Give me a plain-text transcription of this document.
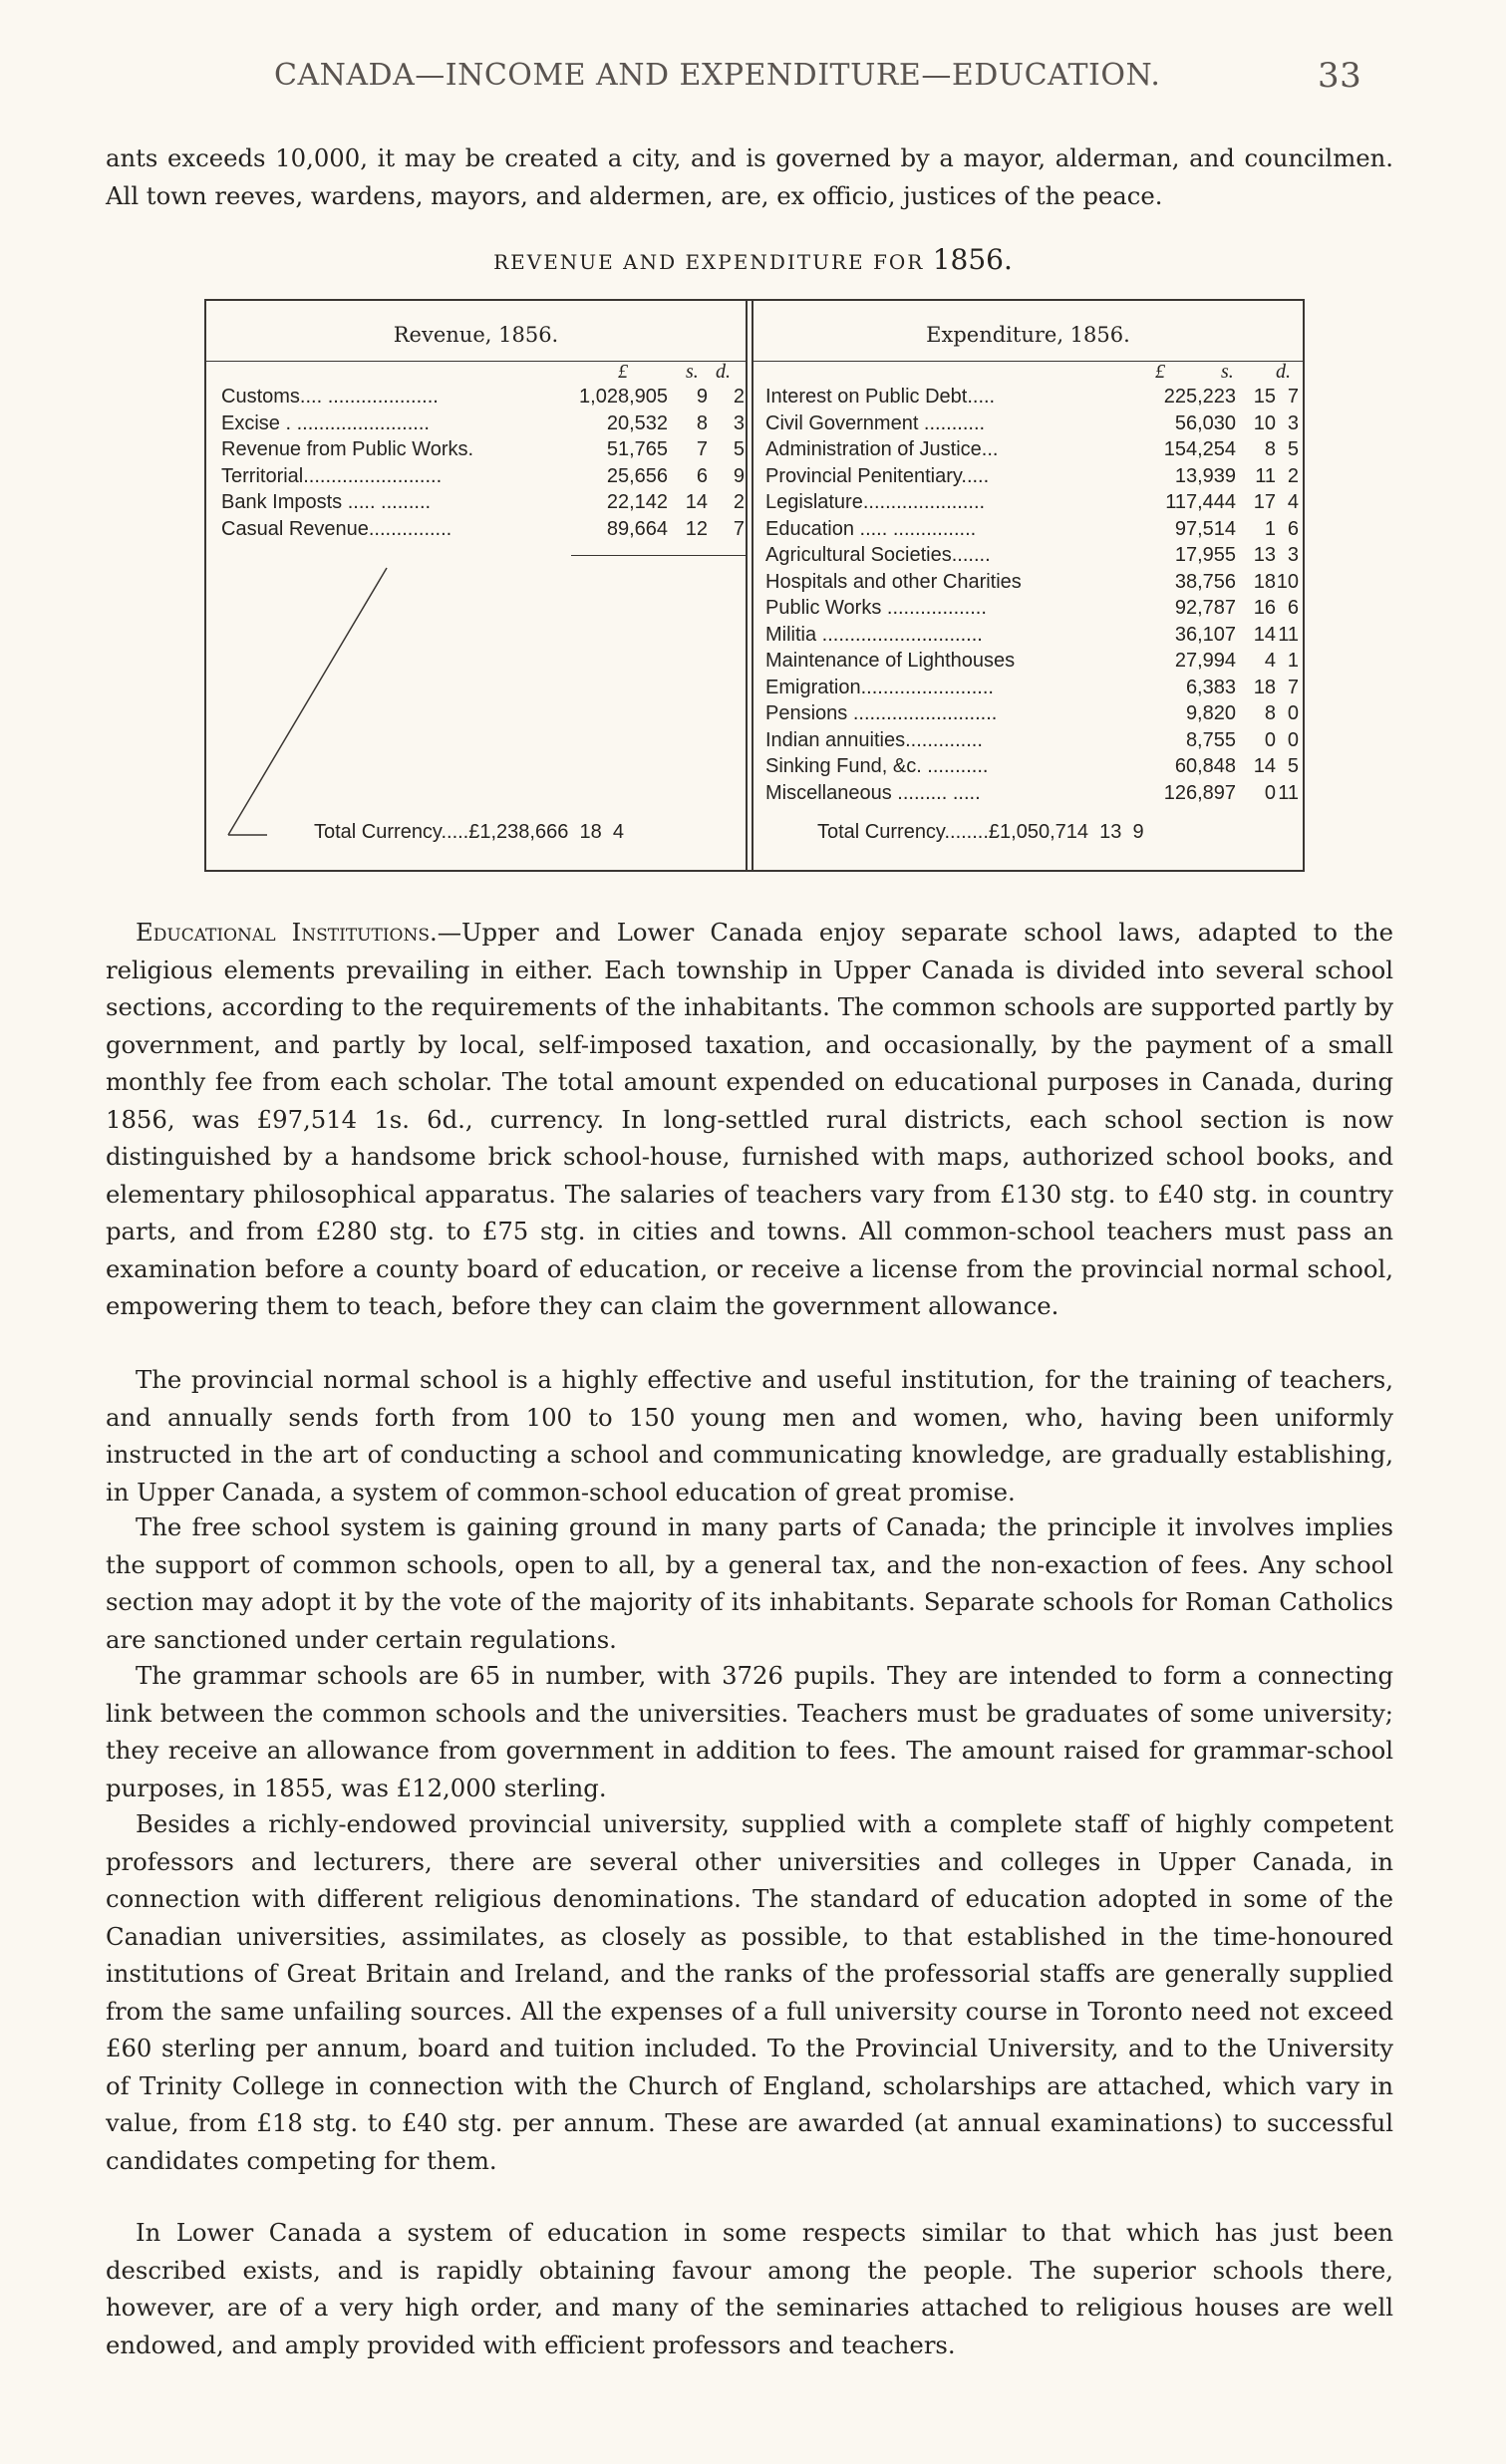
CANADA—INCOME AND EXPENDITURE—EDUCATION.	33
ants exceeds 10,000, it may be created a city, and is governed by a mayor, alderman, and councilmen. All town reeves, wardens, mayors, and aldermen, are, ex officio, justices of the peace.
REVENUE AND EXPENDITURE FOR 1856.
Revenue, 1856.	Expenditure, 1856.
£	s. d.	£	s. d.
Customs.... ....................	1,028,905	9	2
Excise . ........................	20,532	8	3
Revenue from Public Works.	51,765	7	5
Territorial.........................	25,656	6	9
Bank Imposts ..... .........	22,142 14	2
Casual Revenue...............	89,664 12	7
Interest on Public Debt.....	225,223 15 7
Civil Government ...........	56,030 10 3
Administration of Justice...	154,254	8 5
Provincial Penitentiary.....	13,939 11 2
Legislature......................	117,444 17 4
Education ..... ...............	97,514	1 6
Agricultural Societies.......	17,955 13 3
Hospitals and other Charities	38,756 18 10
Public Works ..................	92,787 16 6
Militia .............................	36,107 14 11
Maintenance of Lighthouses	27,994	4 1
Emigration........................	6,383 18 7
Pensions ..........................	9,820	8 0
Indian annuities..............	8,755	0 0
Sinking Fund, &c. ...........	60,848 14 5
Miscellaneous ......... .....	126,897	0 11
Total Currency.....£1,238,666 18 4	Total Currency........£1,050,714 13 9
Educational Institutions.—Upper and Lower Canada enjoy separate school laws, adapted to the religious elements prevailing in either. Each township in Upper Canada is divided into several school sections, according to the requirements of the inhabitants. The common schools are supported partly by government, and partly by local, self-imposed taxation, and occasionally, by the payment of a small monthly fee from each scholar. The total amount expended on educational purposes in Canada, during 1856, was £97,514 1s. 6d., currency. In long-settled rural districts, each school section is now distinguished by a handsome brick school-house, furnished with maps, authorized school books, and elementary philosophical apparatus. The salaries of teachers vary from £130 stg. to £40 stg. in country parts, and from £280 stg. to £75 stg. in cities and towns. All common-school teachers must pass an examination before a county board of education, or receive a license from the provincial normal school, empowering them to teach, before they can claim the government allowance.
The provincial normal school is a highly effective and useful institution, for the training of teachers, and annually sends forth from 100 to 150 young men and women, who, having been uniformly instructed in the art of conducting a school and communicating knowledge, are gradually establishing, in Upper Canada, a system of common-school education of great promise.
The free school system is gaining ground in many parts of Canada; the principle it involves implies the support of common schools, open to all, by a general tax, and the non-exaction of fees. Any school section may adopt it by the vote of the majority of its inhabitants. Separate schools for Roman Catholics are sanctioned under certain regulations.
The grammar schools are 65 in number, with 3726 pupils. They are intended to form a connecting link between the common schools and the universities. Teachers must be graduates of some university; they receive an allowance from government in addition to fees. The amount raised for grammar-school purposes, in 1855, was £12,000 sterling.
Besides a richly-endowed provincial university, supplied with a complete staff of highly competent professors and lecturers, there are several other universities and colleges in Upper Canada, in connection with different religious denominations. The standard of education adopted in some of the Canadian universities, assimilates, as closely as possible, to that established in the time-honoured institutions of Great Britain and Ireland, and the ranks of the professorial staffs are generally supplied from the same unfailing sources. All the expenses of a full university course in Toronto need not exceed £60 sterling per annum, board and tuition included. To the Provincial University, and to the University of Trinity College in connection with the Church of England, scholarships are attached, which vary in value, from £18 stg. to £40 stg. per annum. These are awarded (at annual examinations) to successful candidates competing for them.
In Lower Canada a system of education in some respects similar to that which has just been described exists, and is rapidly obtaining favour among the people. The superior schools there, however, are of a very high order, and many of the seminaries attached to religious houses are well endowed, and amply provided with efficient professors and teachers.
